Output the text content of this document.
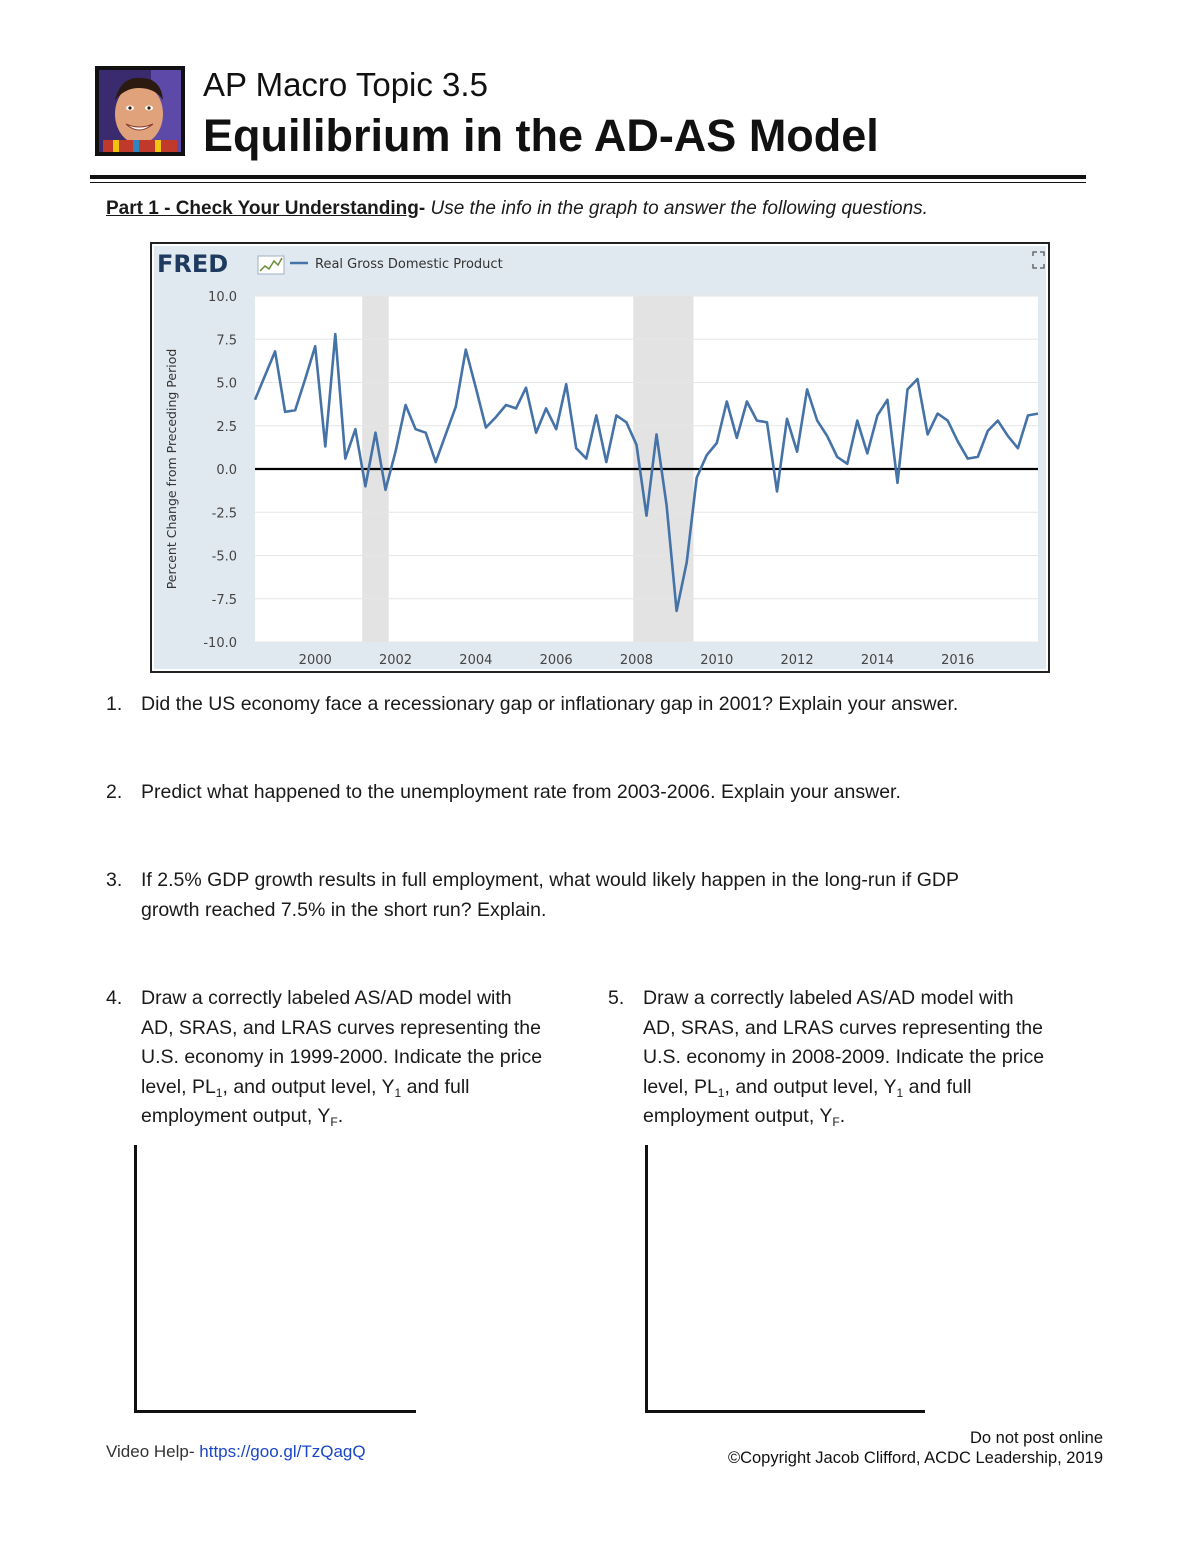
AP Macro Topic 3.5
Equilibrium in the AD-AS Model
Part 1 - Check Your Understanding- Use the info in the graph to answer the following questions.
FRED	Real Gross Domestic Product
10.0
7.5
5.0
2.5
0.0
-2.5
-5.0
-7.5
-10.0
2000	2002	2004	2006	2008	2010	2012	2014	2016
Percent Change from Preceding Period
1. Did the US economy face a recessionary gap or inflationary gap in 2001? Explain your answer.
2. Predict what happened to the unemployment rate from 2003-2006. Explain your answer.
3. If 2.5% GDP growth results in full employment, what would likely happen in the long-run if GDP
growth reached 7.5% in the short run? Explain.
4. Draw a correctly labeled AS/AD model with
AD, SRAS, and LRAS curves representing the
U.S. economy in 1999-2000. Indicate the price
level, $PL_1$, and output level, $Y_1$ and full
employment output, $Y_F$.
5. Draw a correctly labeled AS/AD model with
AD, SRAS, and LRAS curves representing the
U.S. economy in 2008-2009. Indicate the price
level, $PL_1$, and output level, $Y_1$ and full
employment output, $Y_F$.
Video Help- https://goo.gl/TzQagQ
Do not post online
©Copyright Jacob Clifford, ACDC Leadership, 2019
